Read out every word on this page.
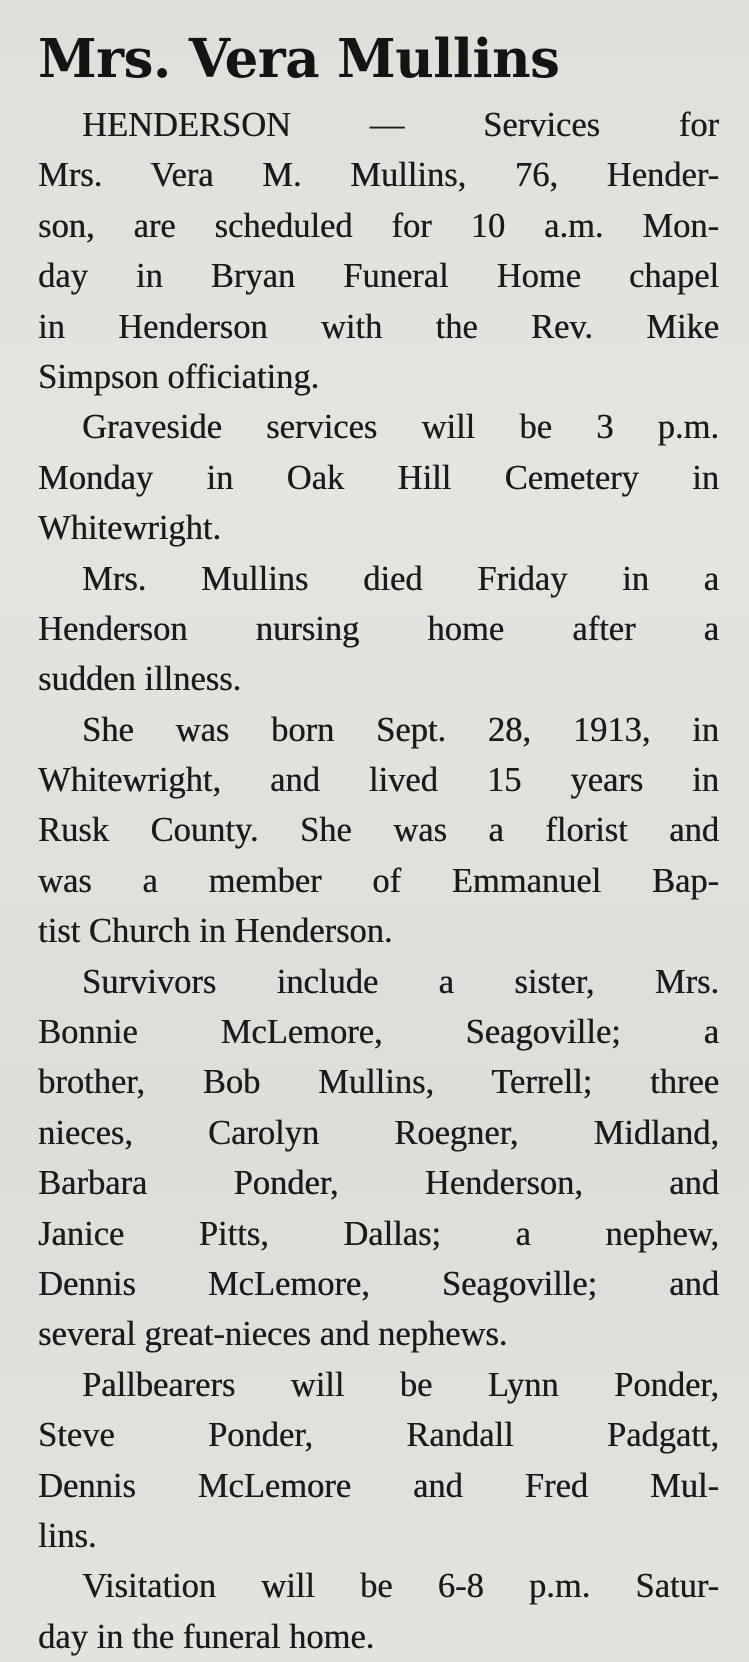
Mrs. Vera Mullins
HENDERSON — Services for
Mrs. Vera M. Mullins, 76, Hender-
son, are scheduled for 10 a.m. Mon-
day in Bryan Funeral Home chapel
in Henderson with the Rev. Mike
Simpson officiating.
Graveside services will be 3 p.m.
Monday in Oak Hill Cemetery in
Whitewright.
Mrs. Mullins died Friday in a
Henderson nursing home after a
sudden illness.
She was born Sept. 28, 1913, in
Whitewright, and lived 15 years in
Rusk County. She was a florist and
was a member of Emmanuel Bap-
tist Church in Henderson.
Survivors include a sister, Mrs.
Bonnie McLemore, Seagoville; a
brother, Bob Mullins, Terrell; three
nieces, Carolyn Roegner, Midland,
Barbara Ponder, Henderson, and
Janice Pitts, Dallas; a nephew,
Dennis McLemore, Seagoville; and
several great-nieces and nephews.
Pallbearers will be Lynn Ponder,
Steve Ponder, Randall Padgatt,
Dennis McLemore and Fred Mul-
lins.
Visitation will be 6-8 p.m. Satur-
day in the funeral home.
